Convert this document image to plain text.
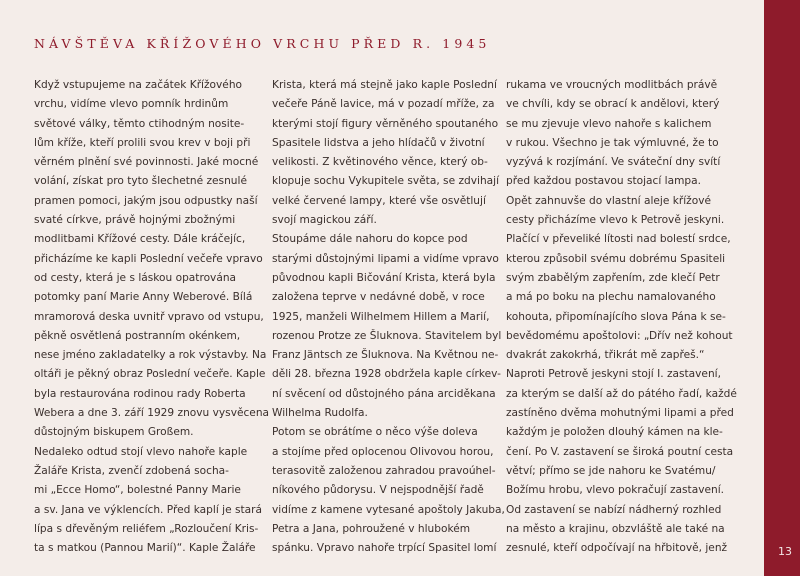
NÁVŠTĚVA KŘÍŽOVÉHO VRCHU PŘED R. 1945
Když vstupujeme na začátek Křížového
vrchu, vidíme vlevo pomník hrdinům
světové války, těmto ctihodným nosite-
lům kříže, kteří prolili svou krev v boji při
věrném plnění své povinnosti. Jaké mocné
volání, získat pro tyto šlechetné zesnulé
pramen pomoci, jakým jsou odpustky naší
svaté církve, právě hojnými zbožnými
modlitbami Křížové cesty. Dále kráčejíc,
přicházíme ke kapli Poslední večeře vpravo
od cesty, která je s láskou opatrována
potomky paní Marie Anny Weberové. Bílá
mramorová deska uvnitř vpravo od vstupu,
pěkně osvětlená postranním okénkem,
nese jméno zakladatelky a rok výstavby. Na
oltáři je pěkný obraz Poslední večeře. Kaple
byla restaurována rodinou rady Roberta
Webera a dne 3. září 1929 znovu vysvěcena
důstojným biskupem Großem.
Nedaleko odtud stojí vlevo nahoře kaple
Žaláře Krista, zvenčí zdobená socha-
mi „Ecce Homo“, bolestné Panny Marie
a sv. Jana ve výklencích. Před kaplí je stará
lípa s dřevěným reliéfem „Rozloučení Kris-
ta s matkou (Pannou Marií)“. Kaple Žaláře
Krista, která má stejně jako kaple Poslední
večeře Páně lavice, má v pozadí mříže, za
kterými stojí figury věrněného spoutaného
Spasitele lidstva a jeho hlídačů v životní
velikosti. Z květinového věnce, který ob-
klopuje sochu Vykupitele světa, se zdvihají
velké červené lampy, které vše osvětlují
svojí magickou září.
Stoupáme dále nahoru do kopce pod
starými důstojnými lipami a vidíme vpravo
původnou kapli Bičování Krista, která byla
založena teprve v nedávné době, v roce
1925, manželi Wilhelmem Hillem a Marií,
rozenou Protze ze Šluknova. Stavitelem byl
Franz Jäntsch ze Šluknova. Na Květnou ne-
děli 28. března 1928 obdržela kaple církev-
ní svěcení od důstojného pána arciděkana
Wilhelma Rudolfa.
Potom se obrátíme o něco výše doleva
a stojíme před oplocenou Olivovou horou,
terasovitě založenou zahradou pravoúhel-
níkového půdorysu. V nejspodnější řadě
vidíme z kamene vytesané apoštoly Jakuba,
Petra a Jana, pohroužené v hlubokém
spánku. Vpravo nahoře trpící Spasitel lomí
rukama ve vroucných modlitbách právě
ve chvíli, kdy se obrací k andělovi, který
se mu zjevuje vlevo nahoře s kalichem
v rukou. Všechno je tak výmluvné, že to
vyzývá k rozjímání. Ve sváteční dny svítí
před každou postavou stojací lampa.
Opět zahnuvše do vlastní aleje křížové
cesty přicházíme vlevo k Petrově jeskyni.
Plačící v převeliké lítosti nad bolestí srdce,
kterou způsobil svému dobrému Spasiteli
svým zbabělým zapřením, zde klečí Petr
a má po boku na plechu namalovaného
kohouta, připomínajícího slova Pána k se-
bevědomému apoštolovi: „Dřív než kohout
dvakrát zakokrhá, třikrát mě zapřeš.“
Naproti Petrově jeskyni stojí I. zastavení,
za kterým se další až do pátého řadí, každé
zastíněno dvěma mohutnými lipami a před
každým je položen dlouhý kámen na kle-
čení. Po V. zastavení se široká poutní cesta
větví; přímo se jde nahoru ke Svatému/
Božímu hrobu, vlevo pokračují zastavení.
Od zastavení se nabízí nádherný rozhled
na město a krajinu, obzvláště ale také na
zesnulé, kteří odpočívají na hřbitově, jenž	13
